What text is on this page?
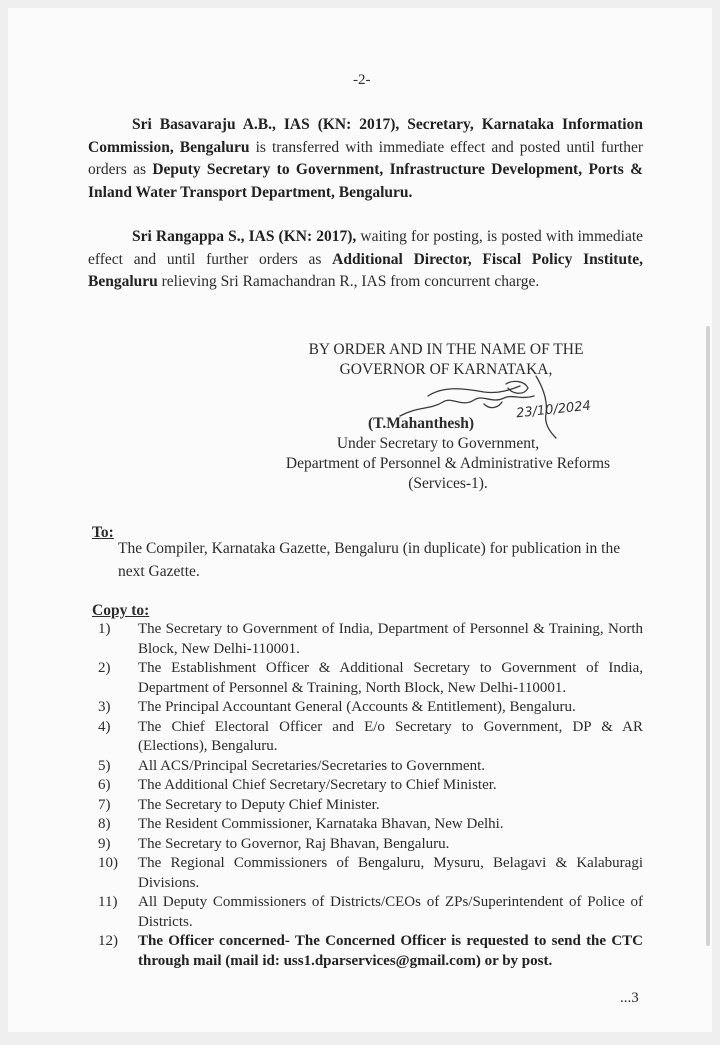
-2-
Sri Basavaraju A.B., IAS (KN: 2017), Secretary, Karnataka Information Commission, Bengaluru is transferred with immediate effect and posted until further orders as Deputy Secretary to Government, Infrastructure Development, Ports & Inland Water Transport Department, Bengaluru.
Sri Rangappa S., IAS (KN: 2017), waiting for posting, is posted with immediate effect and until further orders as Additional Director, Fiscal Policy Institute, Bengaluru relieving Sri Ramachandran R., IAS from concurrent charge.
BY ORDER AND IN THE NAME OF THE
GOVERNOR OF KARNATAKA,
23/10/2024
(T.Mahanthesh)
Under Secretary to Government,
Department of Personnel & Administrative Reforms
(Services-1).
To:
The Compiler, Karnataka Gazette, Bengaluru (in duplicate) for publication in the next Gazette.
Copy to:
1)	The Secretary to Government of India, Department of Personnel & Training, North Block, New Delhi-110001.
2)	The Establishment Officer & Additional Secretary to Government of India, Department of Personnel & Training, North Block, New Delhi-110001.
3)	The Principal Accountant General (Accounts & Entitlement), Bengaluru.
4)	The Chief Electoral Officer and E/o Secretary to Government, DP & AR (Elections), Bengaluru.
5)	All ACS/Principal Secretaries/Secretaries to Government.
6)	The Additional Chief Secretary/Secretary to Chief Minister.
7)	The Secretary to Deputy Chief Minister.
8)	The Resident Commissioner, Karnataka Bhavan, New Delhi.
9)	The Secretary to Governor, Raj Bhavan, Bengaluru.
10)	The Regional Commissioners of Bengaluru, Mysuru, Belagavi & Kalaburagi Divisions.
11)	All Deputy Commissioners of Districts/CEOs of ZPs/Superintendent of Police of Districts.
12)	The Officer concerned- The Concerned Officer is requested to send the CTC through mail (mail id: uss1.dparservices@gmail.com) or by post.
...3
